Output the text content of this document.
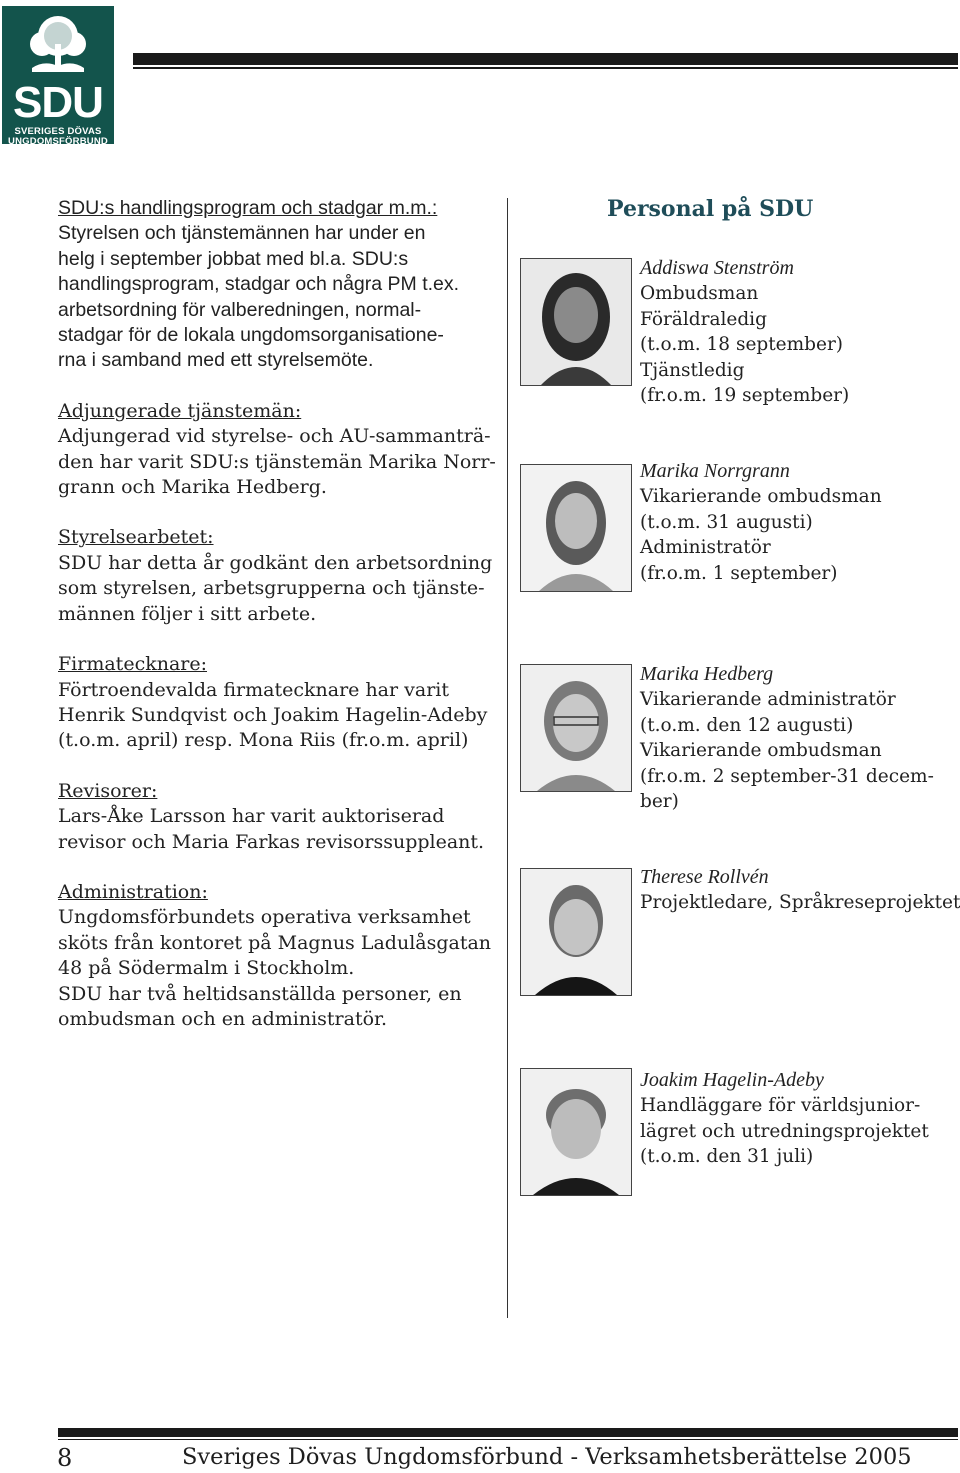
SDU
SVERIGES DÖVAS
UNGDOMSFÖRBUND

SDU:s handlingsprogram och stadgar m.m.:
Styrelsen och tjänstemännen har under en
helg i september jobbat med bl.a. SDU:s
handlingsprogram, stadgar och några PM t.ex.
arbetsordning för valberedningen, normal-
stadgar för de lokala ungdomsorganisatione-
rna i samband med ett styrelsemöte.

Adjungerade tjänstemän:
Adjungerad vid styrelse- och AU-sammanträ-
den har varit SDU:s tjänstemän Marika Norr-
grann och Marika Hedberg.

Styrelsearbetet:
SDU har detta år godkänt den arbetsordning
som styrelsen, arbetsgrupperna och tjänste-
männen följer i sitt arbete.

Firmatecknare:
Förtroendevalda firmatecknare har varit
Henrik Sundqvist och Joakim Hagelin-Adeby
(t.o.m. april) resp. Mona Riis (fr.o.m. april)

Revisorer:
Lars-Åke Larsson har varit auktoriserad
revisor och Maria Farkas revisorssuppleant.

Administration:
Ungdomsförbundets operativa verksamhet
sköts från kontoret på Magnus Ladulåsgatan
48 på Södermalm i Stockholm.
SDU har två heltidsanställda personer, en
ombudsman och en administratör.

Personal på SDU
Addiswa Stenström
Ombudsman
Föräldraledig
(t.o.m. 18 september)
Tjänstledig
(fr.o.m. 19 september)
Marika Norrgrann
Vikarierande ombudsman
(t.o.m. 31 augusti)
Administratör
(fr.o.m. 1 september)
Marika Hedberg
Vikarierande administratör
(t.o.m. den 12 augusti)
Vikarierande ombudsman
(fr.o.m. 2 september-31 decem-
ber)
Therese Rollvén
Projektledare, Språkreseprojektet
Joakim Hagelin-Adeby
Handläggare för världsjunior-
lägret och utredningsprojektet
(t.o.m. den 31 juli)
8	Sveriges Dövas Ungdomsförbund - Verksamhetsberättelse 2005
